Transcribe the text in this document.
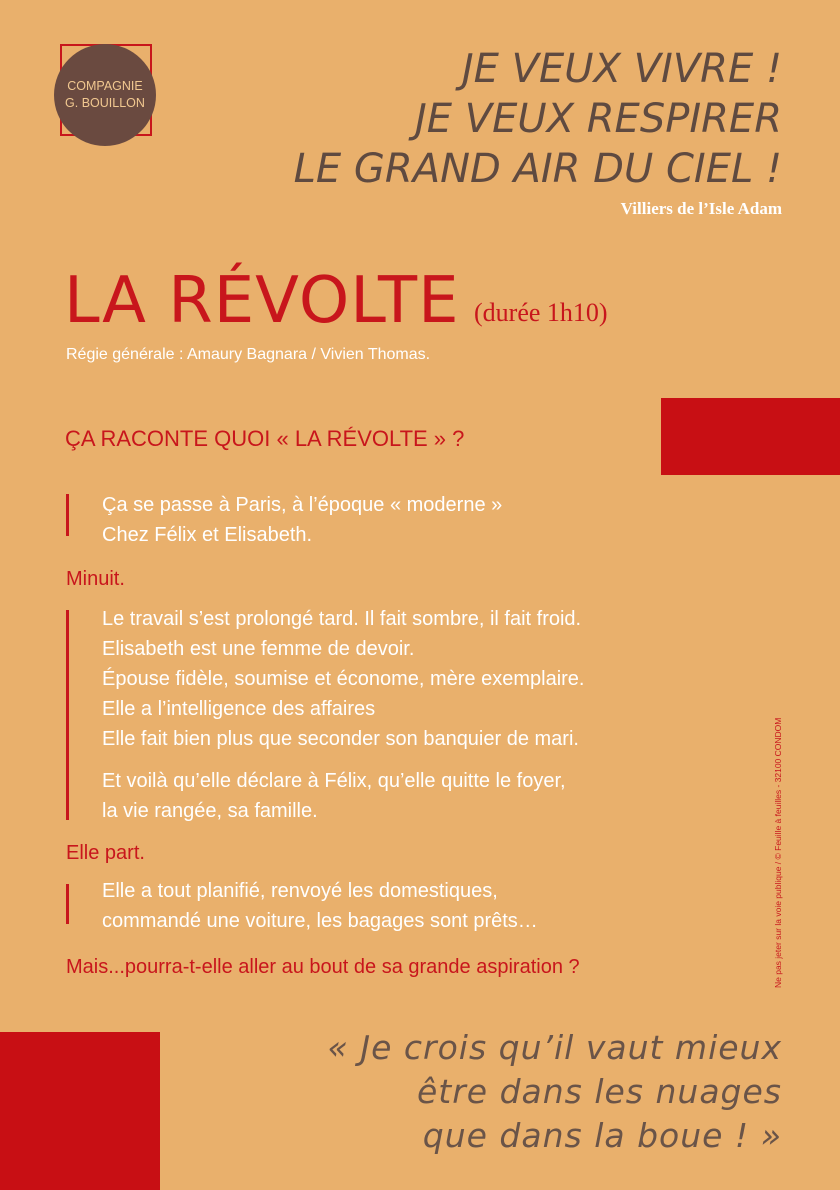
COMPAGNIE
G. BOUILLON
JE VEUX VIVRE !
JE VEUX RESPIRER
LE GRAND AIR DU CIEL !
Villiers de l’Isle Adam
LA RÉVOLTE (durée 1h10)
Régie générale : Amaury Bagnara / Vivien Thomas.
ÇA RACONTE QUOI « LA RÉVOLTE » ?

Ça se passe à Paris, à l’époque « moderne »

Chez Félix et Elisabeth.

Minuit.

Le travail s’est prolongé tard. Il fait sombre, il fait froid.

Elisabeth est une femme de devoir.

Épouse fidèle, soumise et économe, mère exemplaire.

Elle a l’intelligence des affaires

Elle fait bien plus que seconder son banquier de mari.

Et voilà qu’elle déclare à Félix, qu’elle quitte le foyer,

la vie rangée, sa famille.

Elle part.

Elle a tout planifié, renvoyé les domestiques,

commandé une voiture, les bagages sont prêts…

Mais...pourra-t-elle aller au bout de sa grande aspiration ?	Ne pas jeter sur la voie publique / © Feuille à feuilles - 32100 CONDOM
« Je crois qu’il vaut mieux
être dans les nuages
que dans la boue ! »
